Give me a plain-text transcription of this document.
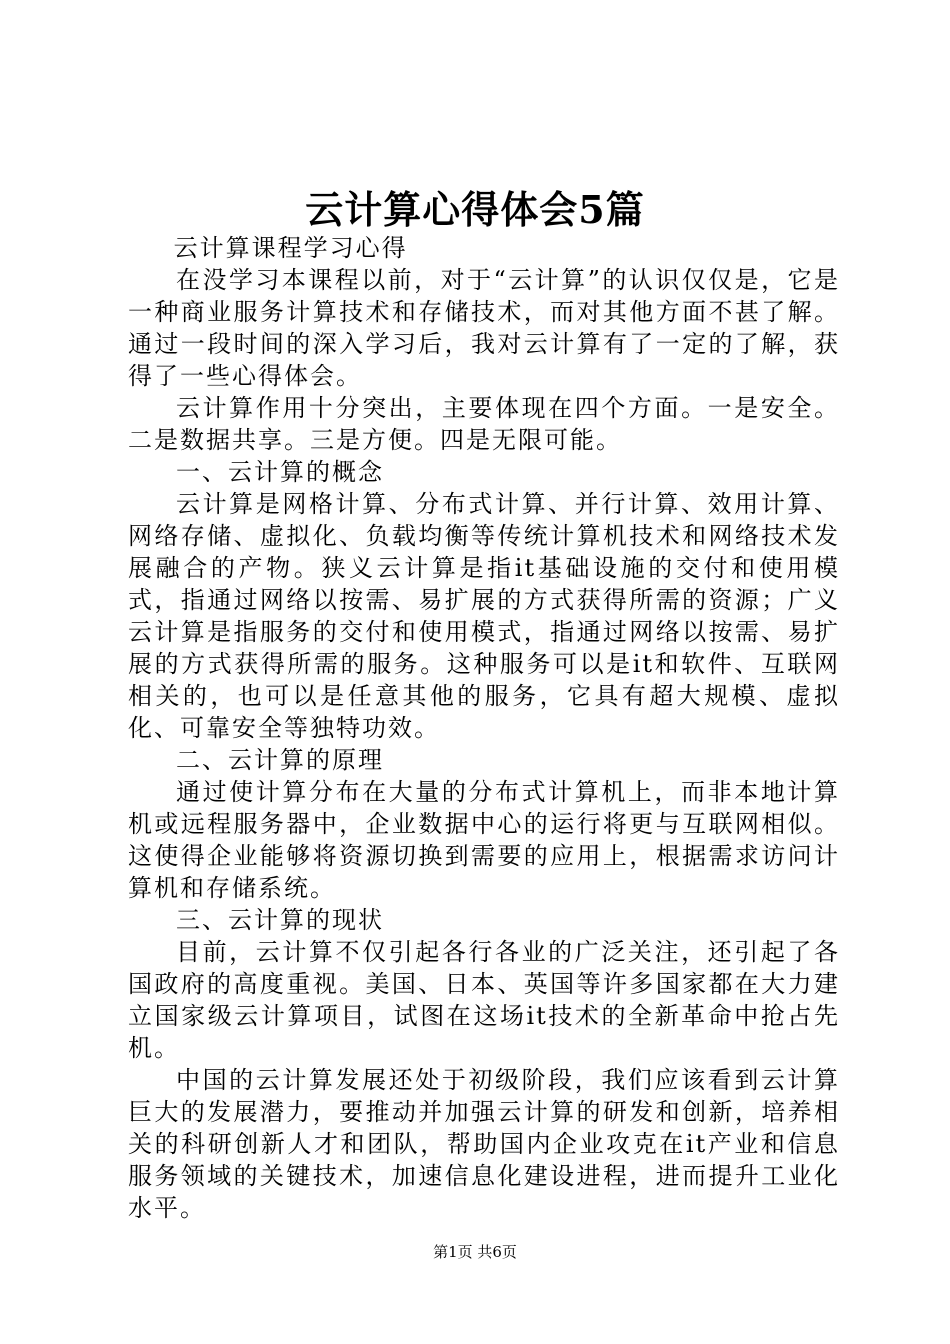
云计算心得体会5篇

云计算课程学习心得

在没学习本课程以前，对于“云计算”的认识仅仅是，它是一种商业服务计算技术和存储技术，而对其他方面不甚了解。通过一段时间的深入学习后，我对云计算有了一定的了解，获得了一些心得体会。

云计算作用十分突出，主要体现在四个方面。一是安全。二是数据共享。三是方便。四是无限可能。

一、云计算的概念

云计算是网格计算、分布式计算、并行计算、效用计算、网络存储、虚拟化、负载均衡等传统计算机技术和网络技术发展融合的产物。狭义云计算是指it基础设施的交付和使用模式，指通过网络以按需、易扩展的方式获得所需的资源；广义云计算是指服务的交付和使用模式，指通过网络以按需、易扩展的方式获得所需的服务。这种服务可以是it和软件、互联网相关的，也可以是任意其他的服务，它具有超大规模、虚拟化、可靠安全等独特功效。

二、云计算的原理

通过使计算分布在大量的分布式计算机上，而非本地计算机或远程服务器中，企业数据中心的运行将更与互联网相似。这使得企业能够将资源切换到需要的应用上，根据需求访问计算机和存储系统。

三、云计算的现状

目前，云计算不仅引起各行各业的广泛关注，还引起了各国政府的高度重视。美国、日本、英国等许多国家都在大力建立国家级云计算项目，试图在这场it技术的全新革命中抢占先机。

中国的云计算发展还处于初级阶段，我们应该看到云计算巨大的发展潜力，要推动并加强云计算的研发和创新，培养相关的科研创新人才和团队，帮助国内企业攻克在it产业和信息服务领域的关键技术，加速信息化建设进程，进而提升工业化水平。

第1页 共6页
